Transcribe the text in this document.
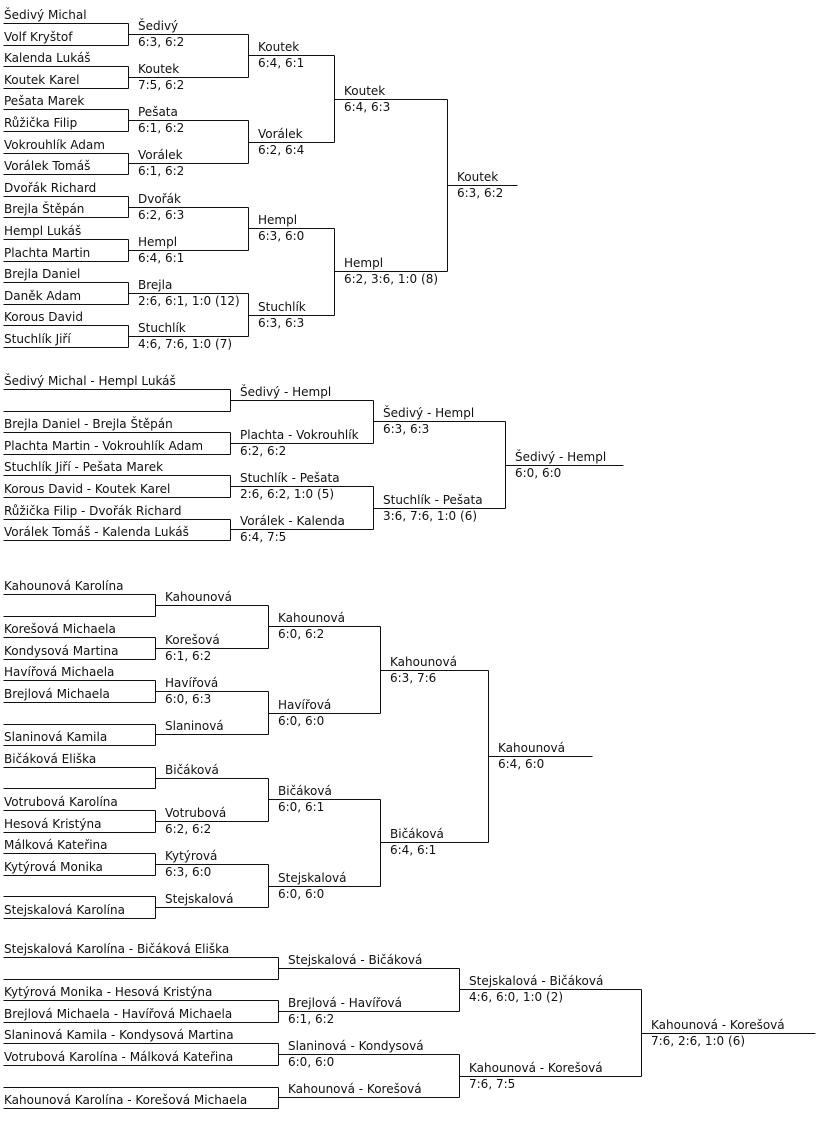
Šedivý Michal
Volf Kryštof
Kalenda Lukáš
Koutek Karel
Pešata Marek
Růžička Filip
Vokrouhlík Adam
Vorálek Tomáš
Dvořák Richard
Brejla Štěpán
Hempl Lukáš
Plachta Martin
Brejla Daniel
Daněk Adam
Korous David
Stuchlík Jiří
Šedivý
6:3, 6:2
Koutek
7:5, 6:2
Pešata
6:1, 6:2
Vorálek
6:1, 6:2
Dvořák
6:2, 6:3
Hempl
6:4, 6:1
Brejla
2:6, 6:1, 1:0 (12)
Stuchlík
4:6, 7:6, 1:0 (7)
Koutek
6:4, 6:1
Vorálek
6:2, 6:4
Hempl
6:3, 6:0
Stuchlík
6:3, 6:3
Koutek
6:4, 6:3
Hempl
6:2, 3:6, 1:0 (8)
Koutek
6:3, 6:2
Šedivý Michal - Hempl Lukáš
Brejla Daniel - Brejla Štěpán
Plachta Martin - Vokrouhlík Adam
Stuchlík Jiří - Pešata Marek
Korous David - Koutek Karel
Růžička Filip - Dvořák Richard
Vorálek Tomáš - Kalenda Lukáš
Šedivý - Hempl
Plachta - Vokrouhlík
6:2, 6:2
Stuchlík - Pešata
2:6, 6:2, 1:0 (5)
Vorálek - Kalenda
6:4, 7:5
Šedivý - Hempl
6:3, 6:3
Stuchlík - Pešata
3:6, 7:6, 1:0 (6)
Šedivý - Hempl
6:0, 6:0
Kahounová Karolína
Korešová Michaela
Kondysová Martina
Havířová Michaela
Brejlová Michaela
Slaninová Kamila
Bičáková Eliška
Votrubová Karolína
Hesová Kristýna
Málková Kateřina
Kytýrová Monika
Stejskalová Karolína
Kahounová
Korešová
6:1, 6:2
Havířová
6:0, 6:3
Slaninová
Bičáková
Votrubová
6:2, 6:2
Kytýrová
6:3, 6:0
Stejskalová
Kahounová
6:0, 6:2
Havířová
6:0, 6:0
Bičáková
6:0, 6:1
Stejskalová
6:0, 6:0
Kahounová
6:3, 7:6
Bičáková
6:4, 6:1
Kahounová
6:4, 6:0
Stejskalová Karolína - Bičáková Eliška
Kytýrová Monika - Hesová Kristýna
Brejlová Michaela - Havířová Michaela
Slaninová Kamila - Kondysová Martina
Votrubová Karolína - Málková Kateřina
Kahounová Karolína - Korešová Michaela
Stejskalová - Bičáková
Brejlová - Havířová
6:1, 6:2
Slaninová - Kondysová
6:0, 6:0
Kahounová - Korešová
Stejskalová - Bičáková
4:6, 6:0, 1:0 (2)
Kahounová - Korešová
7:6, 7:5
Kahounová - Korešová
7:6, 2:6, 1:0 (6)
